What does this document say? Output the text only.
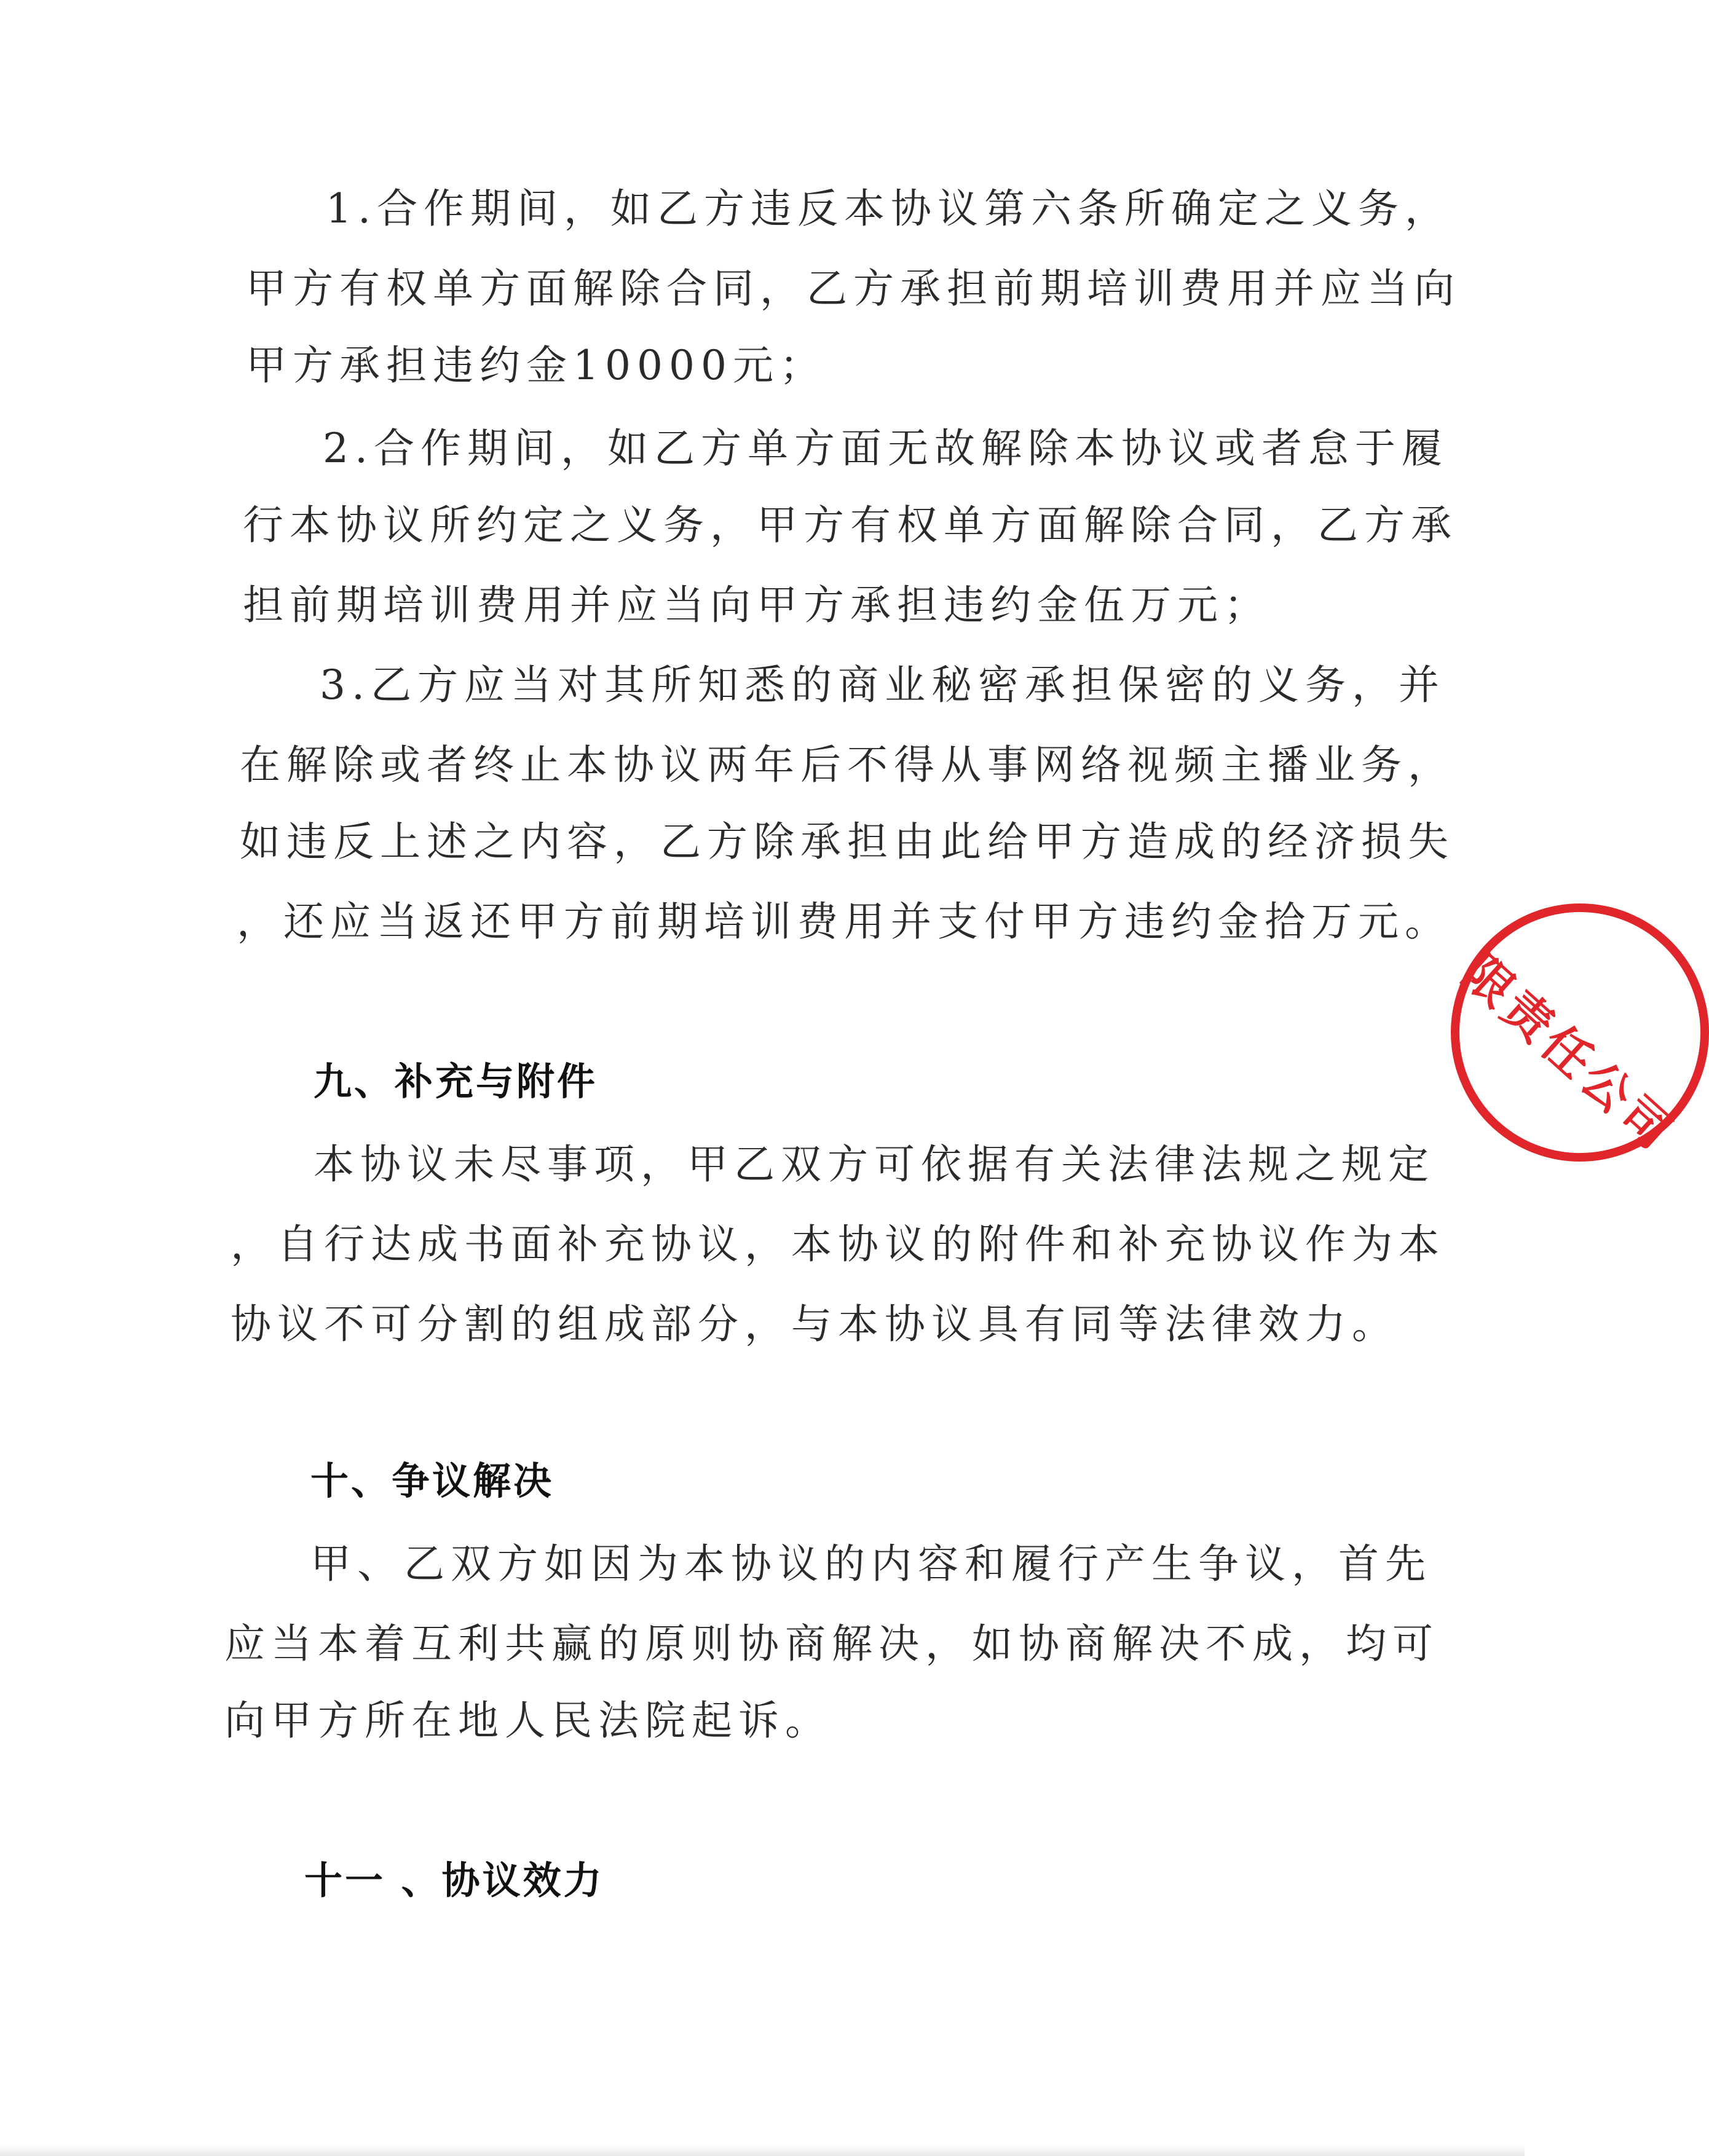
1.合作期间，如乙方违反本协议第六条所确定之义务，
甲方有权单方面解除合同，乙方承担前期培训费用并应当向
甲方承担违约金10000元；
2.合作期间，如乙方单方面无故解除本协议或者怠于履
行本协议所约定之义务，甲方有权单方面解除合同，乙方承
担前期培训费用并应当向甲方承担违约金伍万元；
3.乙方应当对其所知悉的商业秘密承担保密的义务，并
在解除或者终止本协议两年后不得从事网络视频主播业务，
如违反上述之内容，乙方除承担由此给甲方造成的经济损失
，还应当返还甲方前期培训费用并支付甲方违约金拾万元。
九、补充与附件
本协议未尽事项，甲乙双方可依据有关法律法规之规定
，自行达成书面补充协议，本协议的附件和补充协议作为本
协议不可分割的组成部分，与本协议具有同等法律效力。
十、争议解决
甲、乙双方如因为本协议的内容和履行产生争议，首先
应当本着互利共赢的原则协商解决，如协商解决不成，均可
向甲方所在地人民法院起诉。
十一 、协议效力
限责任公司
